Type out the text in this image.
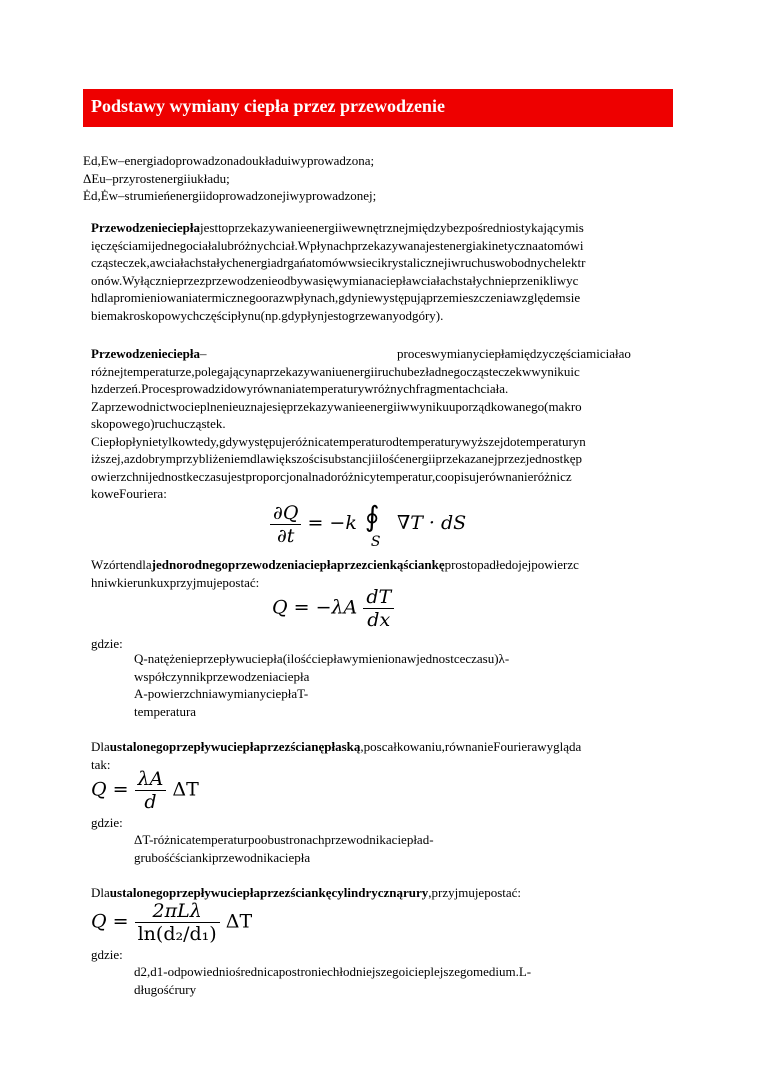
Podstawy wymiany ciepła przez przewodzenie
Ed,Ew–energiadoprowadzonadoukładuiwyprowadzona;
ΔEu–przyrostenergiiukładu;
Ėd,Ėw–strumieńenergiidoprowadzonejiwyprowadzonej;
Przewodzenieciepłajesttoprzekazywanieenergiiwewnętrznejmiędzybezpośredniostykającymis
ięczęściamijednegociałalubróżnychciał.Wpłynachprzekazywanajestenergiakinetycznaatomówi
cząsteczek,awciałachstałychenergiadrgańatomówwsiecikrystalicznejiwruchuswobodnychelektr
onów.Wyłącznieprzezprzewodzenieodbywasięwymianaciepławciałachstałychnieprzenikliwyc
hdlapromieniowaniatermicznegoorazwpłynach,gdyniewystępująprzemieszczeniawzględemsie
biemakroskopowychczęścipłynu(np.gdypłynjestogrzewanyodgóry).
Przewodzenieciepła–	proceswymianyciepłamiędzyczęściamiciałao
różnejtemperaturze,polegającynaprzekazywaniuenergiiruchubezładnegocząsteczekwwynikuic
hzderzeń.Procesprowadzidowyrównaniatemperaturywróżnychfragmentachciała.
Zaprzewodnictwocieplnenieuznajesięprzekazywanieenergiiwwynikuuporządkowanego(makro
skopowego)ruchucząstek.
Ciepłopłynietylkowtedy,gdywystępujeróżnicatemperaturodtemperaturywyższejdotemperaturyn
iższej,azdobrymprzybliżeniemdlawiększościsubstancjiilośćenergiiprzekazanejprzezjednostkęp
owierzchnijednostkeczasujestproporcjonalnadoróżnicytemperatur,coopisujerównanieróżnicz
koweFouriera:
$\frac{\partial Q}{\partial t} = -k$ ∮
S
∇T · dS
Wzórtendlajednorodnegoprzewodzeniaciepłaprzezcienkąściankęprostopadłedojejpowierzc
hniwkierunkuxprzyjmujepostać:
$Q = -\lambda A \frac{dT}{dx}$
gdzie:
Q-natężenieprzepływuciepła(ilośćciepławymienionawjednostceczasu)λ-
współczynnikprzewodzeniaciepła
A-powierzchniawymianyciepłaT-
temperatura
Dlaustalonegoprzepływuciepłaprzezścianępłaską,poscałkowaniu,równanieFourierawygląda
tak:
$Q = \frac{\lambda A}{d}$ ΔT
gdzie:
ΔT-różnicatemperaturpoobustronachprzewodnikaciepład-
grubośćściankiprzewodnikaciepła
Dlaustalonegoprzepływuciepłaprzezściankęcylindrycznąrury,przyjmujepostać:
$Q = \frac{\text{2πLλ}}{\text{ln(d₂/d₁)}}$ ΔT
gdzie:
d2,d1-odpowiedniośrednicapostroniechłodniejszegoicieplejszegomedium.L-
długośćrury
